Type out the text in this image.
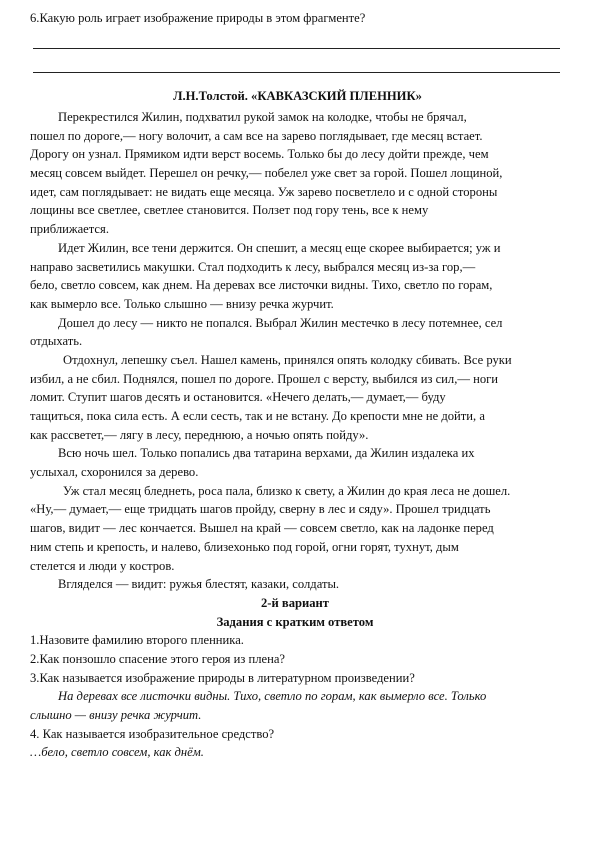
6.Какую роль играет изображение природы в этом фрагменте?
Л.Н.Толстой. «КАВКАЗСКИЙ ПЛЕННИК»
Перекрестился Жилин, подхватил рукой замок на колодке, чтобы не брячал,
пошел по дороге,— ногу волочит, а сам все на зарево поглядывает, где месяц встает.
Дорогу он узнал. Прямиком идти верст восемь. Только бы до лесу дойти прежде, чем
месяц совсем выйдет. Перешел он речку,— побелел уже свет за горой. Пошел лощиной,
идет, сам поглядывает: не видать еще месяца. Уж зарево посветлело и с одной стороны
лощины все светлее, светлее становится. Ползет под гору тень, все к нему
приближается.
Идет Жилин, все тени держится. Он спешит, а месяц еще скорее выбирается; уж и
направо засветились макушки. Стал подходить к лесу, выбрался месяц из-за гор,—
бело, светло совсем, как днем. На деревах все листочки видны. Тихо, светло по горам,
как вымерло все. Только слышно — внизу речка журчит.
Дошел до лесу — никто не попался. Выбрал Жилин местечко в лесу потемнее, сел
отдыхать.
Отдохнул, лепешку съел. Нашел камень, принялся опять колодку сбивать. Все руки
избил, а не сбил. Поднялся, пошел по дороге. Прошел с версту, выбился из сил,— ноги
ломит. Ступит шагов десять и остановится. «Нечего делать,— думает,— буду
тащиться, пока сила есть. А если сесть, так и не встану. До крепости мне не дойти, а
как рассветет,— лягу в лесу, переднюю, а ночью опять пойду».
Всю ночь шел. Только попались два татарина верхами, да Жилин издалека их
услыхал, схоронился за дерево.
Уж стал месяц бледнеть, роса пала, близко к свету, а Жилин до края леса не дошел.
«Ну,— думает,— еще тридцать шагов пройду, сверну в лес и сяду». Прошел тридцать
шагов, видит — лес кончается. Вышел на край — совсем светло, как на ладонке перед
ним степь и крепость, и налево, близехонько под горой, огни горят, тухнут, дым
стелется и люди у костров.
Вгляделся — видит: ружья блестят, казаки, солдаты.
2-й вариант
Задания с кратким ответом
1.Назовите фамилию второго пленника.
2.Как понзошло спасение этого героя из плена?
3.Как называется изображение природы в литературном произведении?
На деревах все листочки видны. Тихо, светло по горам, как вымерло все. Только
слышно — внизу речка журчит.
4. Как называется изобразительное средство?
…бело, светло совсем, как днём.
